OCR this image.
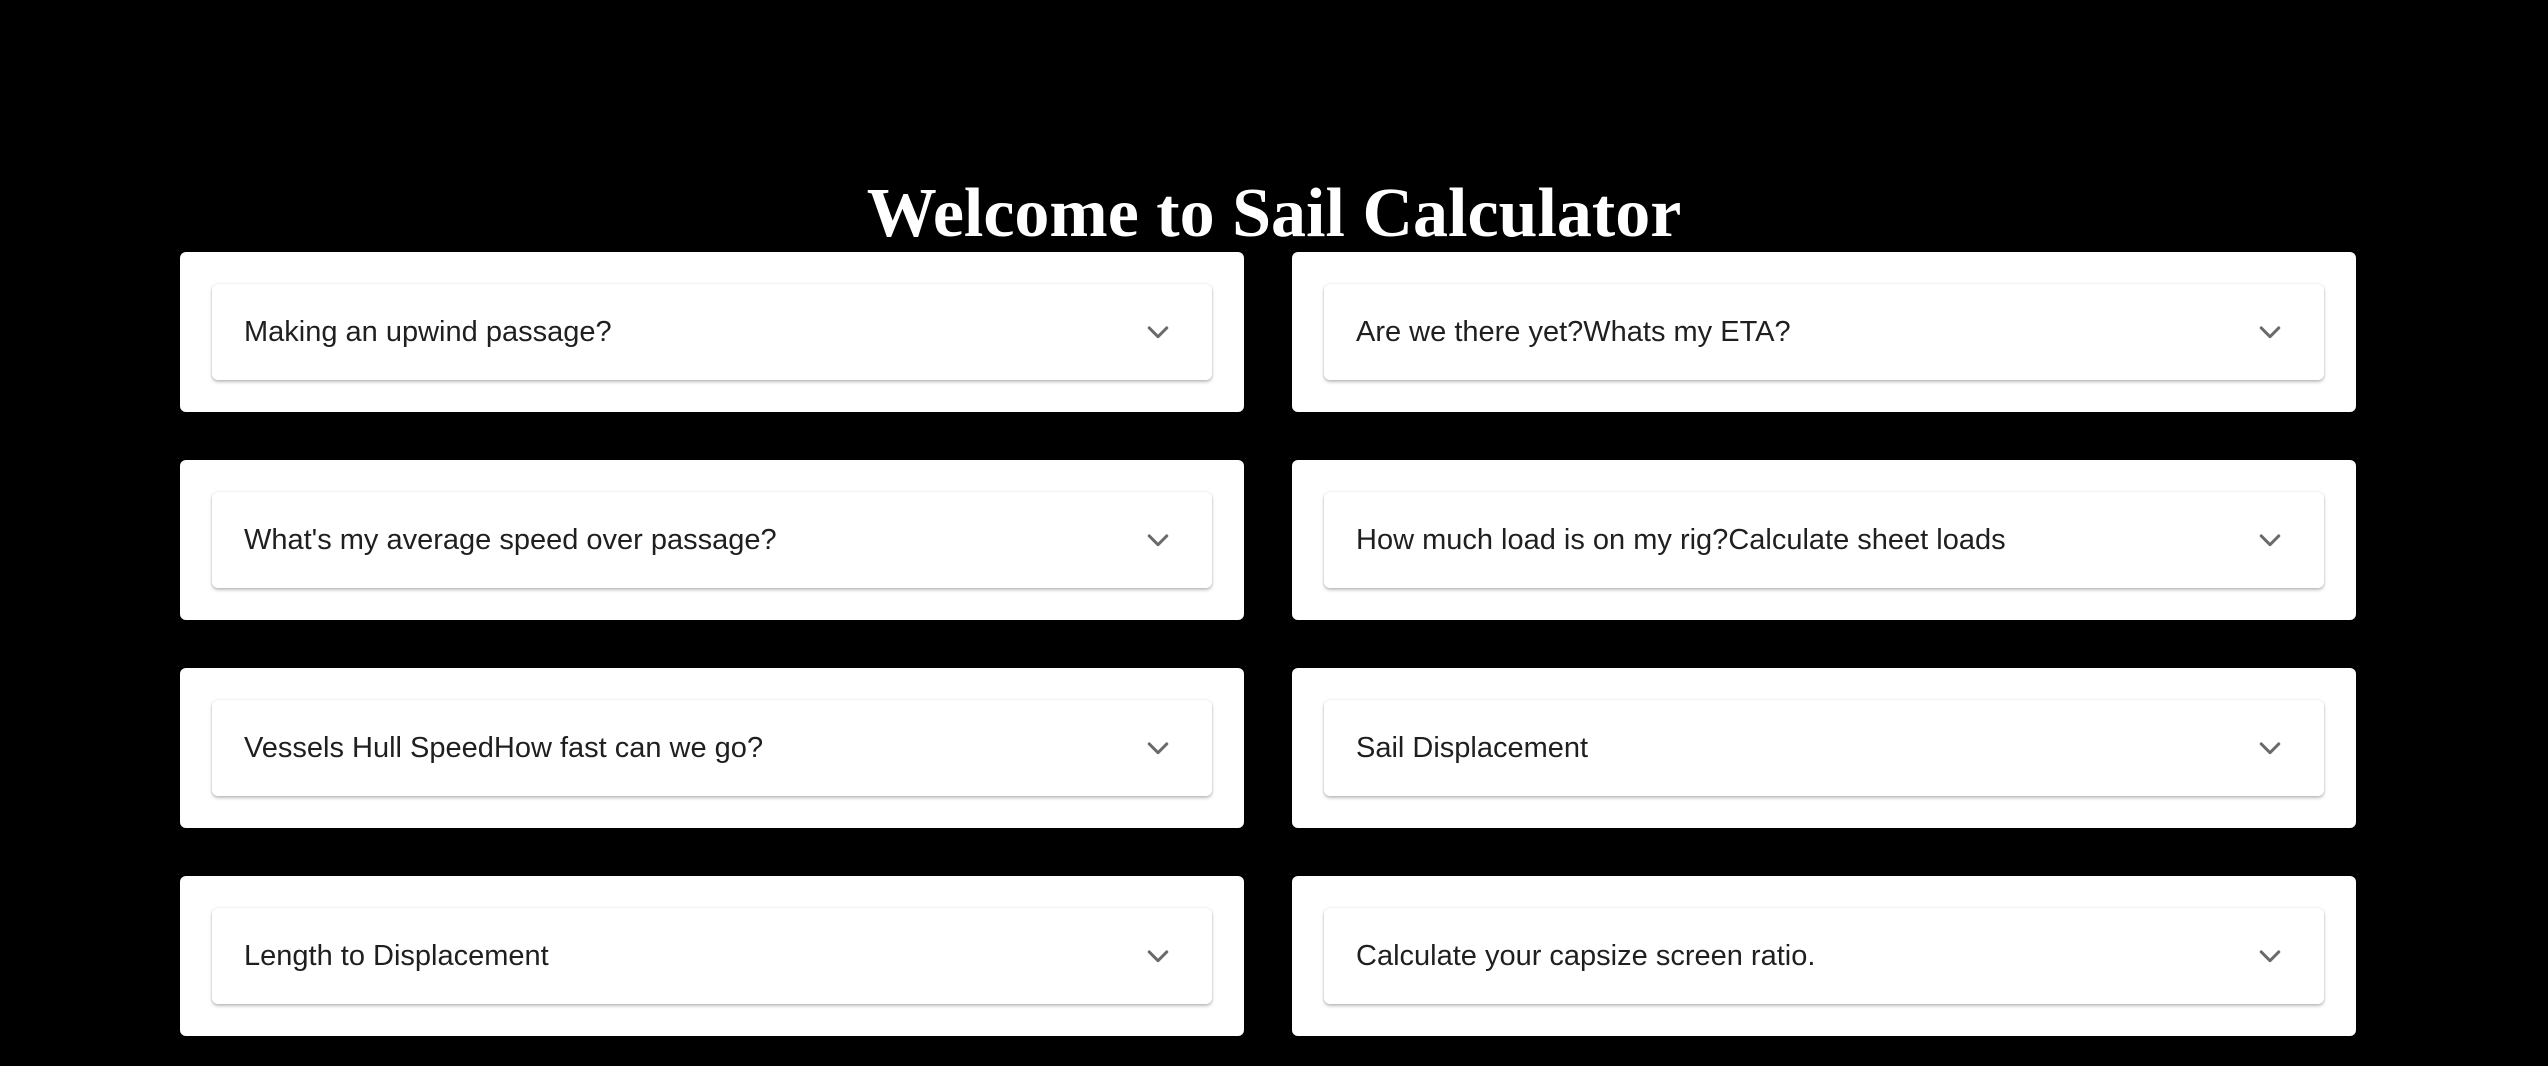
Welcome to Sail Calculator
Making an upwind passage?	Are we there yet?Whats my ETA?
What's my average speed over passage?	How much load is on my rig?Calculate sheet loads
Vessels Hull SpeedHow fast can we go?	Sail Displacement
Length to Displacement	Calculate your capsize screen ratio.
